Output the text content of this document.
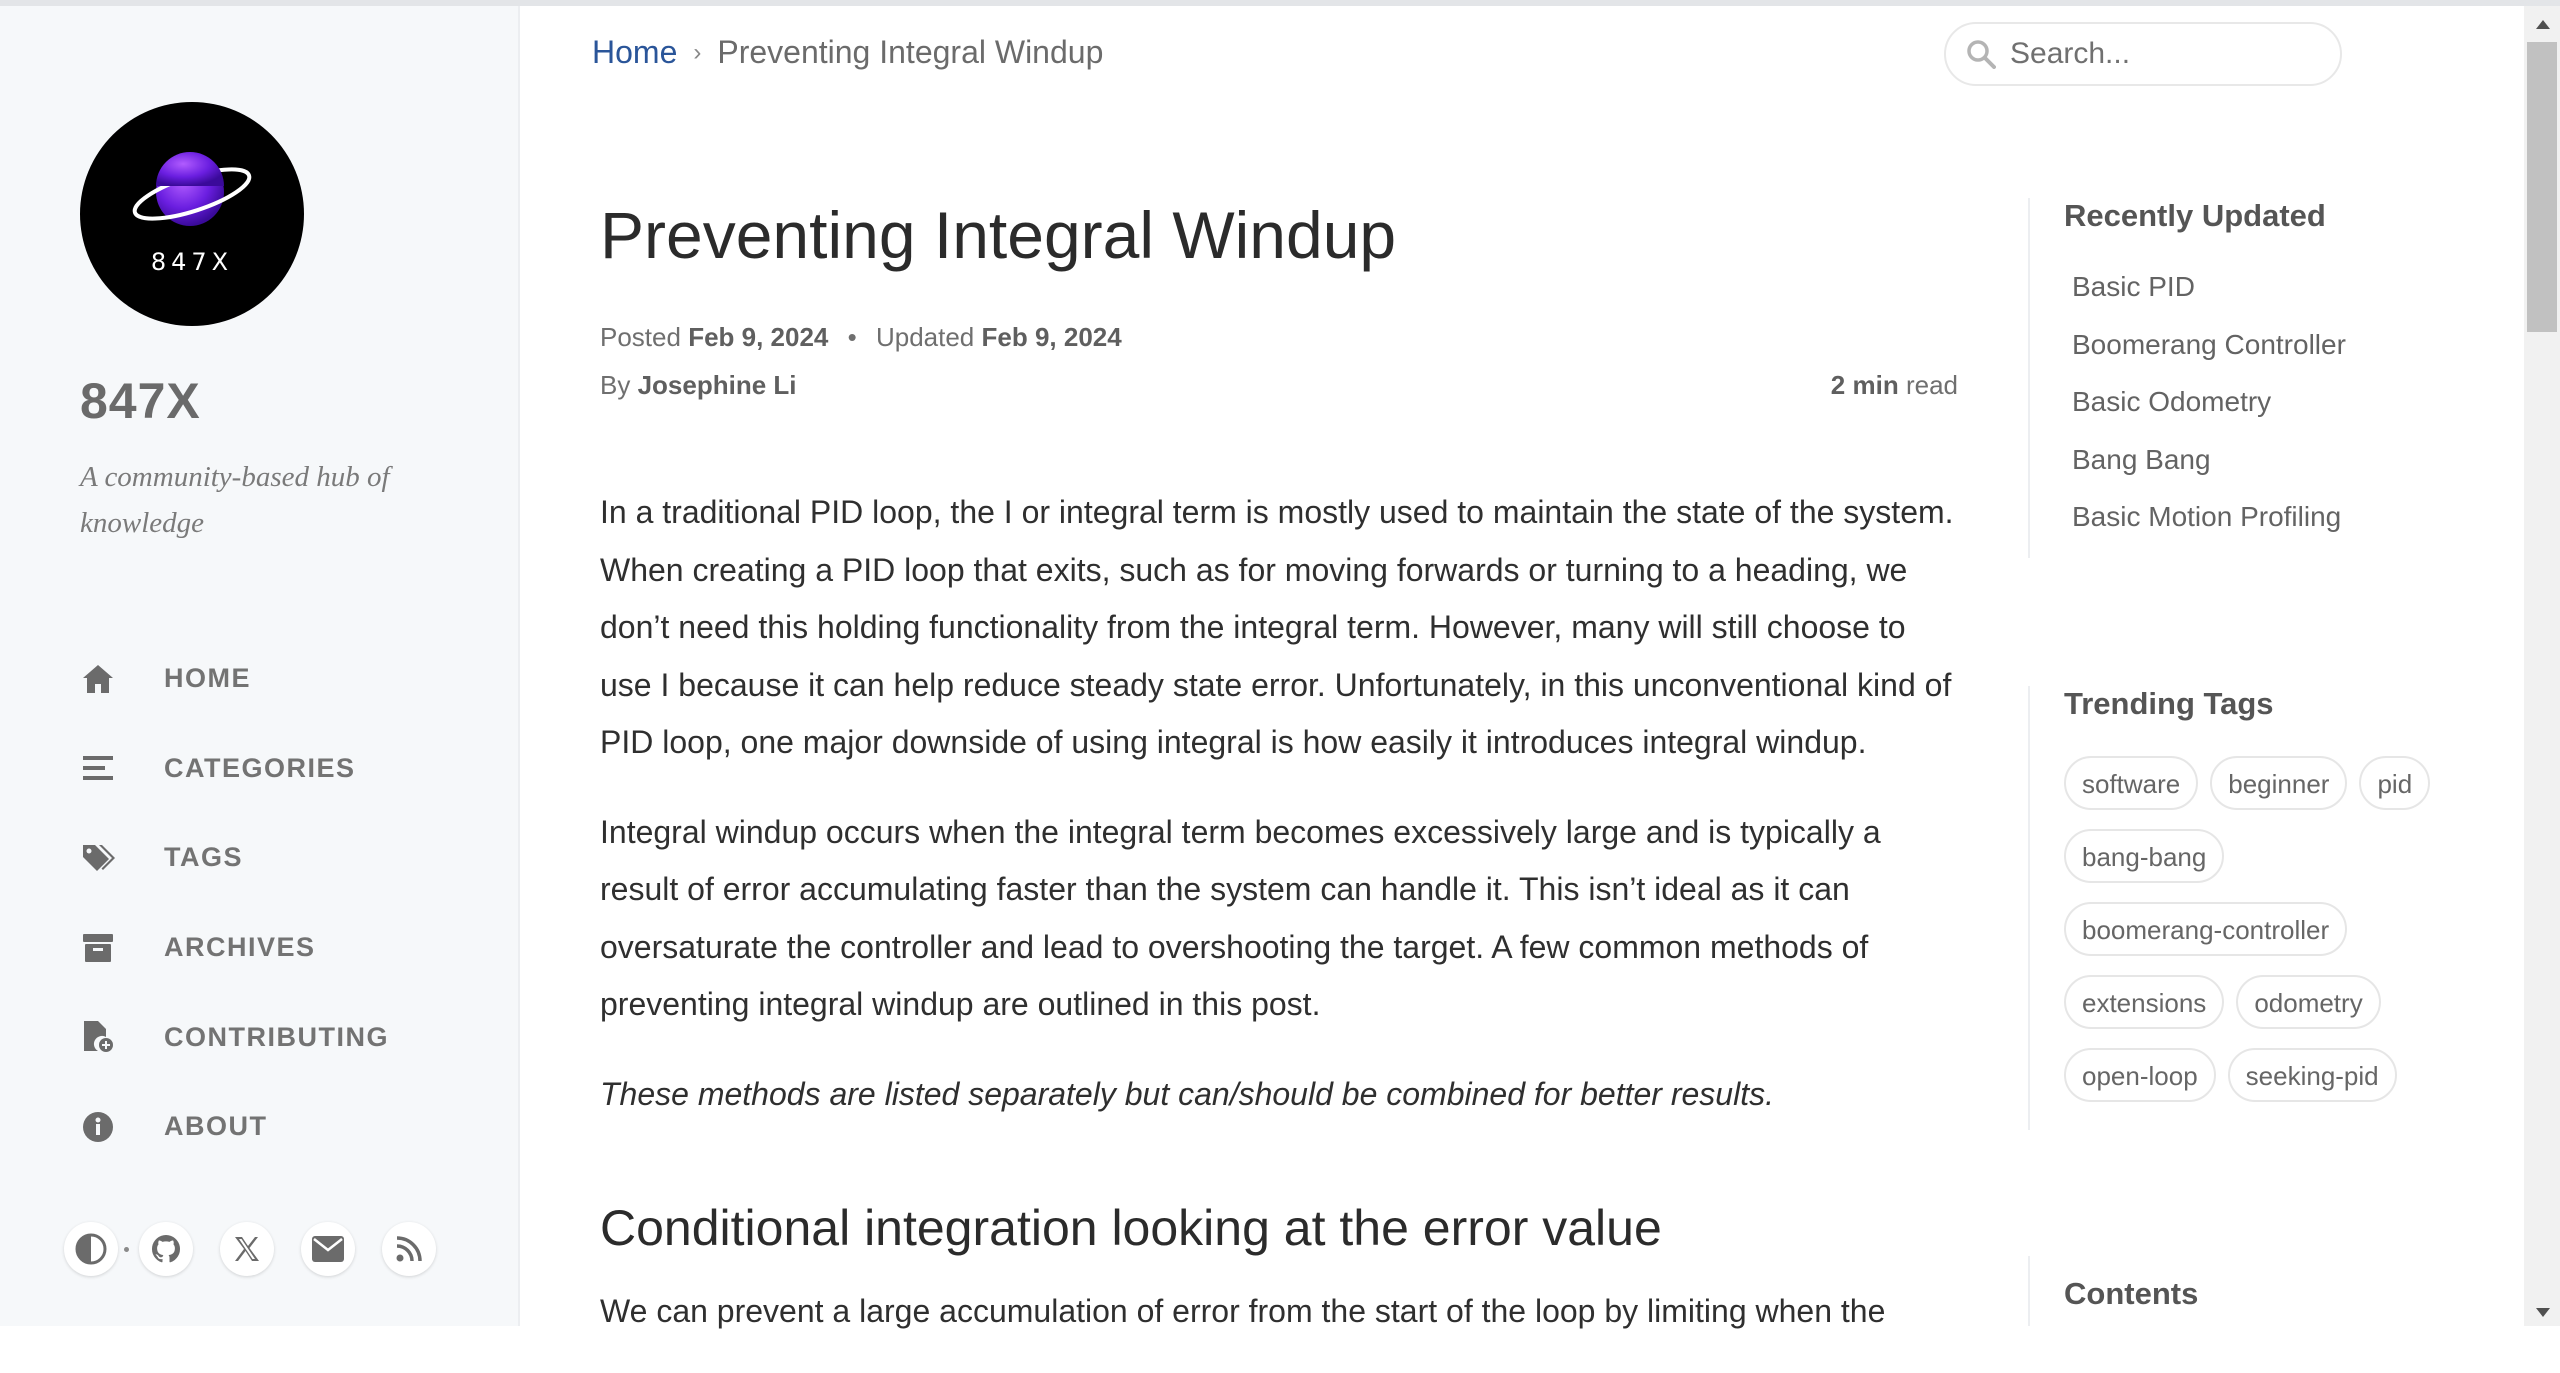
847X
847X
A community-based hub of knowledge
HOME
CATEGORIES
TAGS
ARCHIVES
CONTRIBUTING
ABOUT
Home › Preventing Integral Windup
Search...
Preventing Integral Windup
Posted Feb 9, 2024 • Updated Feb 9, 2024
By Josephine Li	2 min read

In a traditional PID loop, the I or integral term is mostly used to maintain the state of the system. When creating a PID loop that exits, such as for moving forwards or turning to a heading, we don’t need this holding functionality from the integral term. However, many will still choose to use I because it can help reduce steady state error. Unfortunately, in this unconventional kind of PID loop, one major downside of using integral is how easily it introduces integral windup.

Integral windup occurs when the integral term becomes excessively large and is typically a result of error accumulating faster than the system can handle it. This isn’t ideal as it can oversaturate the controller and lead to overshooting the target. A few common methods of preventing integral windup are outlined in this post.

These methods are listed separately but can/should be combined for better results.

Conditional integration looking at the error value

We can prevent a large accumulation of error from the start of the loop by limiting when the

Recently Updated
Basic PID
Boomerang Controller
Basic Odometry
Bang Bang
Basic Motion Profiling
Trending Tags
software	beginner	pid
bang-bang
boomerang-controller
extensions	odometry
open-loop	seeking-pid
Contents
